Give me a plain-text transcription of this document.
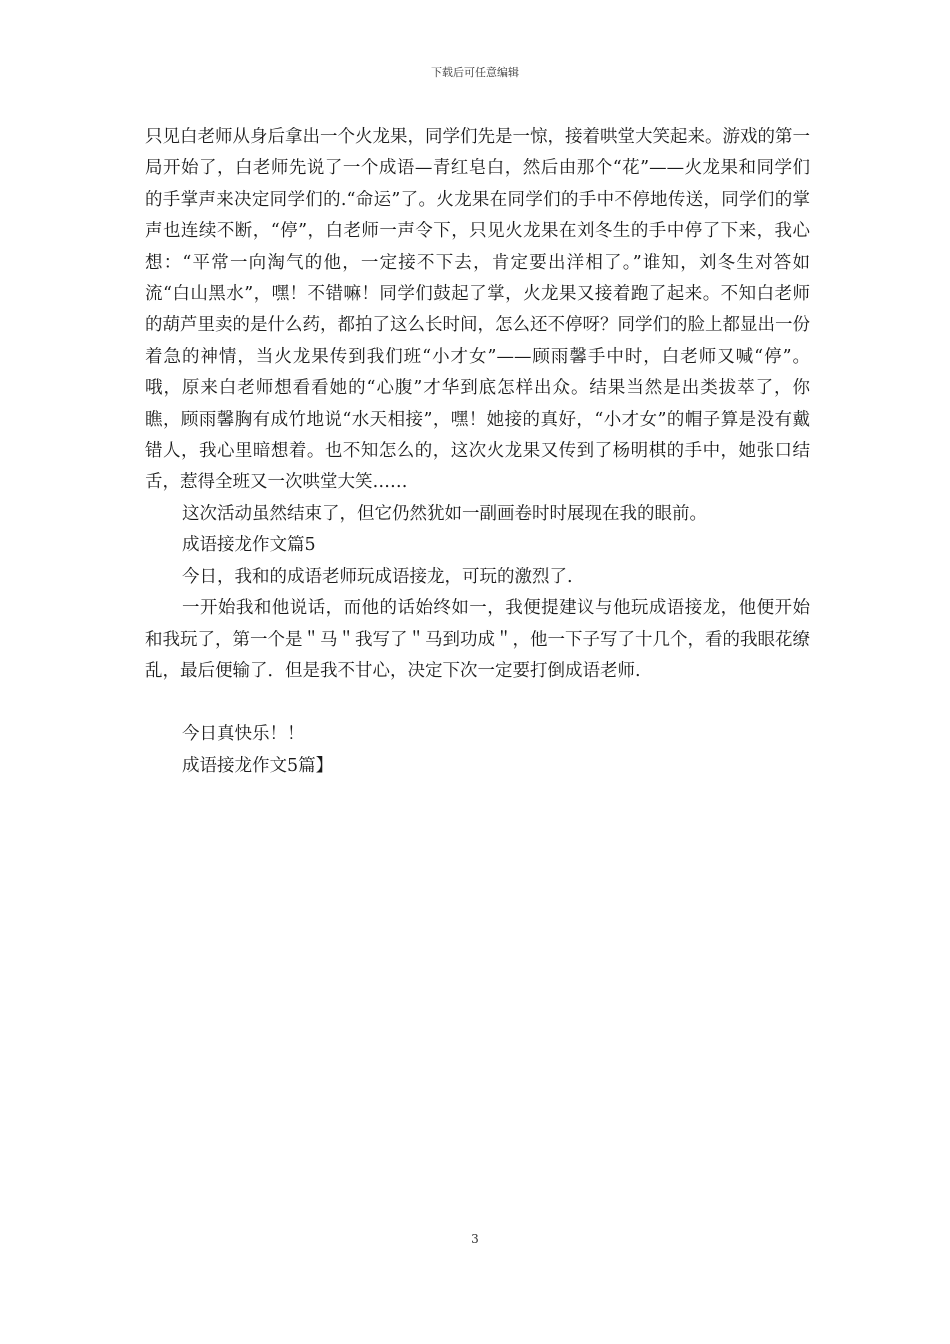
下载后可任意编辑

只见白老师从身后拿出一个火龙果，同学们先是一惊，接着哄堂大笑起来。游戏的第一局开始了，白老师先说了一个成语—青红皂白，然后由那个“花”——火龙果和同学们的手掌声来决定同学们的.“命运”了。火龙果在同学们的手中不停地传送，同学们的掌声也连续不断，“停”，白老师一声令下，只见火龙果在刘冬生的手中停了下来，我心想：“平常一向淘气的他，一定接不下去，肯定要出洋相了。”谁知，刘冬生对答如流“白山黑水”，嘿！不错嘛！同学们鼓起了掌，火龙果又接着跑了起来。不知白老师的葫芦里卖的是什么药，都拍了这么长时间，怎么还不停呀？同学们的脸上都显出一份着急的神情，当火龙果传到我们班“小才女”——顾雨馨手中时，白老师又喊“停”。哦，原来白老师想看看她的“心腹”才华到底怎样出众。结果当然是出类拔萃了，你瞧，顾雨馨胸有成竹地说“水天相接”，嘿！她接的真好，“小才女”的帽子算是没有戴错人，我心里暗想着。也不知怎么的，这次火龙果又传到了杨明棋的手中，她张口结舌，惹得全班又一次哄堂大笑……

这次活动虽然结束了，但它仍然犹如一副画卷时时展现在我的眼前。

成语接龙作文篇5

今日，我和的成语老师玩成语接龙，可玩的激烈了.

一开始我和他说话，而他的话始终如一，我便提建议与他玩成语接龙，他便开始和我玩了，第一个是＂马＂我写了＂马到功成＂，他一下子写了十几个，看的我眼花缭乱，最后便输了．但是我不甘心，决定下次一定要打倒成语老师.

今日真快乐！！

成语接龙作文5篇】

3
